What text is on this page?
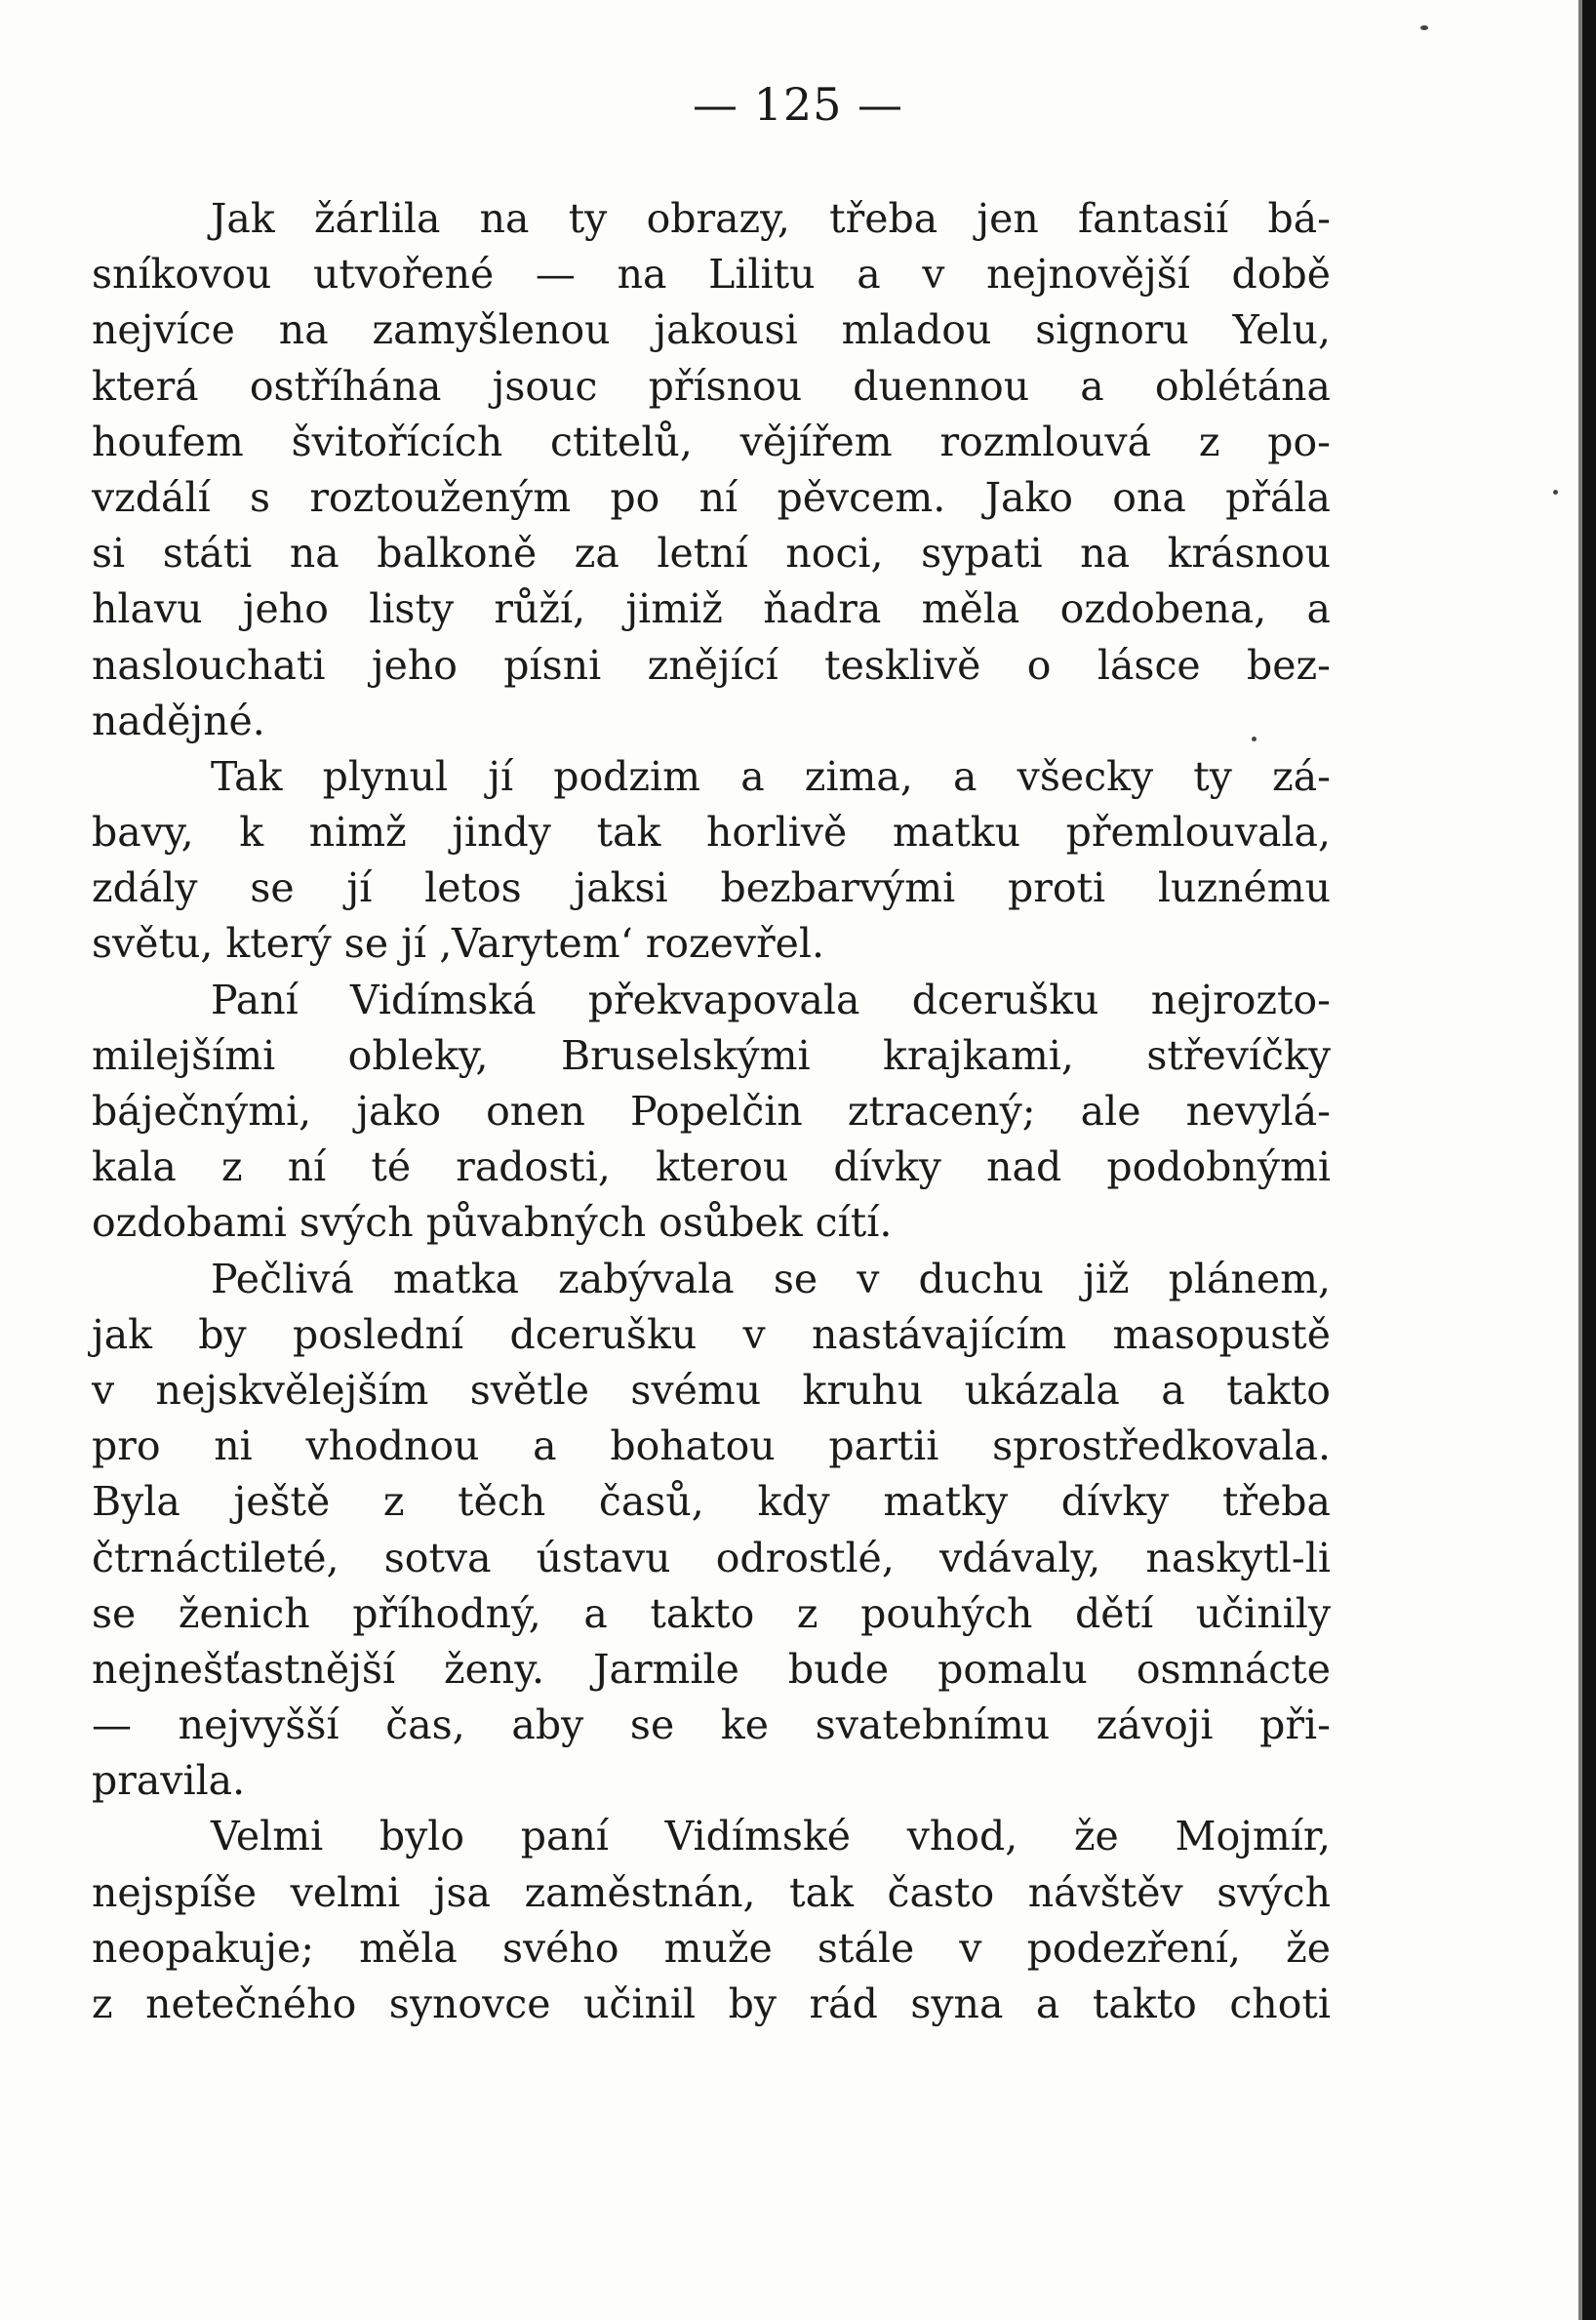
— 125 —
Jak žárlila na ty obrazy, třeba jen fantasií bá-
sníkovou utvořené — na Lilitu a v nejnovější době
nejvíce na zamyšlenou jakousi mladou signoru Yelu,
která ostříhána jsouc přísnou duennou a oblétána
houfem švitořících ctitelů, vějířem rozmlouvá z po-
vzdálí s roztouženým po ní pěvcem. Jako ona přála
si státi na balkoně za letní noci, sypati na krásnou
hlavu jeho listy růží, jimiž ňadra měla ozdobena, a
naslouchati jeho písni znějící tesklivě o lásce bez-
nadějné.
Tak plynul jí podzim a zima, a všecky ty zá-
bavy, k nimž jindy tak horlivě matku přemlouvala,
zdály se jí letos jaksi bezbarvými proti luznému
světu, který se jí ‚Varytem‘ rozevřel.
Paní Vidímská překvapovala dcerušku nejrozto-
milejšími obleky, Bruselskými krajkami, střevíčky
báječnými, jako onen Popelčin ztracený; ale nevylá-
kala z ní té radosti, kterou dívky nad podobnými
ozdobami svých půvabných osůbek cítí.
Pečlivá matka zabývala se v duchu již plánem,
jak by poslední dcerušku v nastávajícím masopustě
v nejskvělejším světle svému kruhu ukázala a takto
pro ni vhodnou a bohatou partii sprostředkovala.
Byla ještě z těch časů, kdy matky dívky třeba
čtrnáctileté, sotva ústavu odrostlé, vdávaly, naskytl-li
se ženich příhodný, a takto z pouhých dětí učinily
nejnešťastnější ženy. Jarmile bude pomalu osmnácte
— nejvyšší čas, aby se ke svatebnímu závoji při-
pravila.
Velmi bylo paní Vidímské vhod, že Mojmír,
nejspíše velmi jsa zaměstnán, tak často návštěv svých
neopakuje; měla svého muže stále v podezření, že
z netečného synovce učinil by rád syna a takto choti
